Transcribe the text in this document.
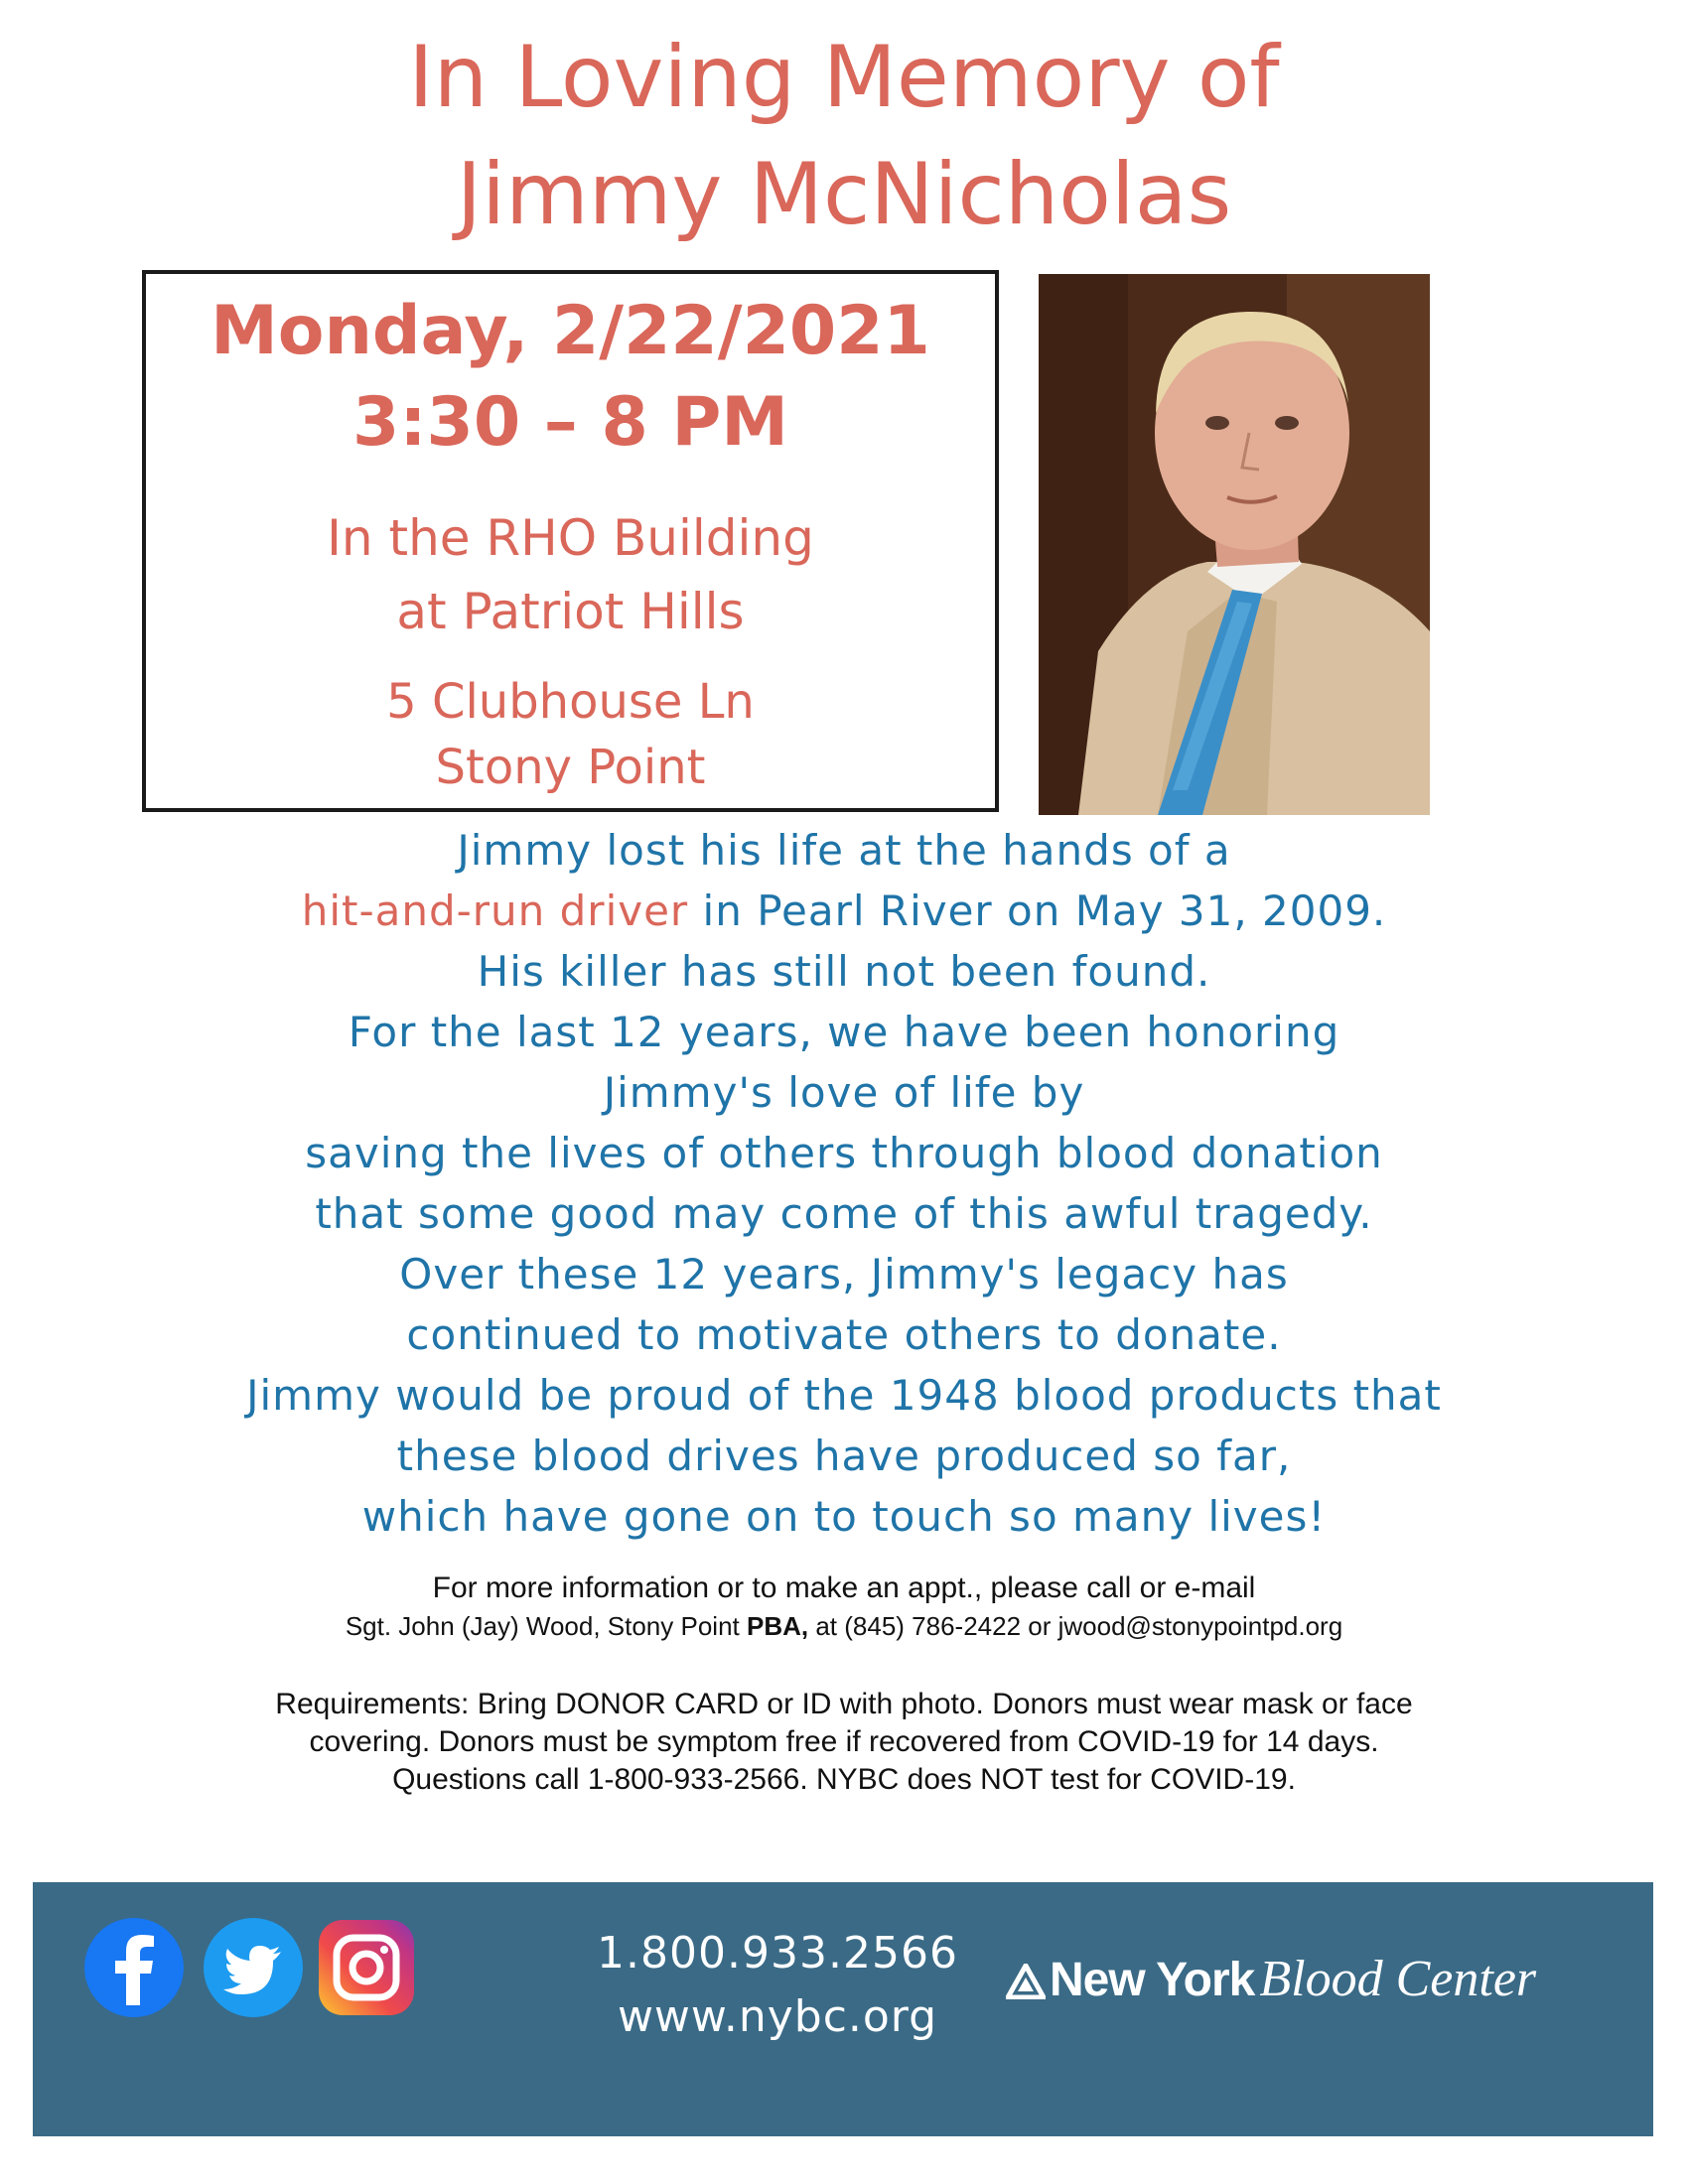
In Loving Memory of
Jimmy McNicholas
Monday, 2/22/2021
3:30 – 8 PM
In the RHO Building
at Patriot Hills
5 Clubhouse Ln
Stony Point
Jimmy lost his life at the hands of a
hit-and-run driver in Pearl River on May 31, 2009.
His killer has still not been found.
For the last 12 years, we have been honoring
Jimmy's love of life by
saving the lives of others through blood donation
that some good may come of this awful tragedy.
Over these 12 years, Jimmy's legacy has
continued to motivate others to donate.
Jimmy would be proud of the 1948 blood products that
these blood drives have produced so far,
which have gone on to touch so many lives!
For more information or to make an appt., please call or e-mail
Sgt. John (Jay) Wood, Stony Point PBA, at (845) 786-2422 or jwood@stonypointpd.org
Requirements: Bring DONOR CARD or ID with photo. Donors must wear mask or face
covering. Donors must be symptom free if recovered from COVID-19 for 14 days.
Questions call 1-800-933-2566. NYBC does NOT test for COVID-19.
1.800.933.2566
www.nybc.org
New York Blood Center
